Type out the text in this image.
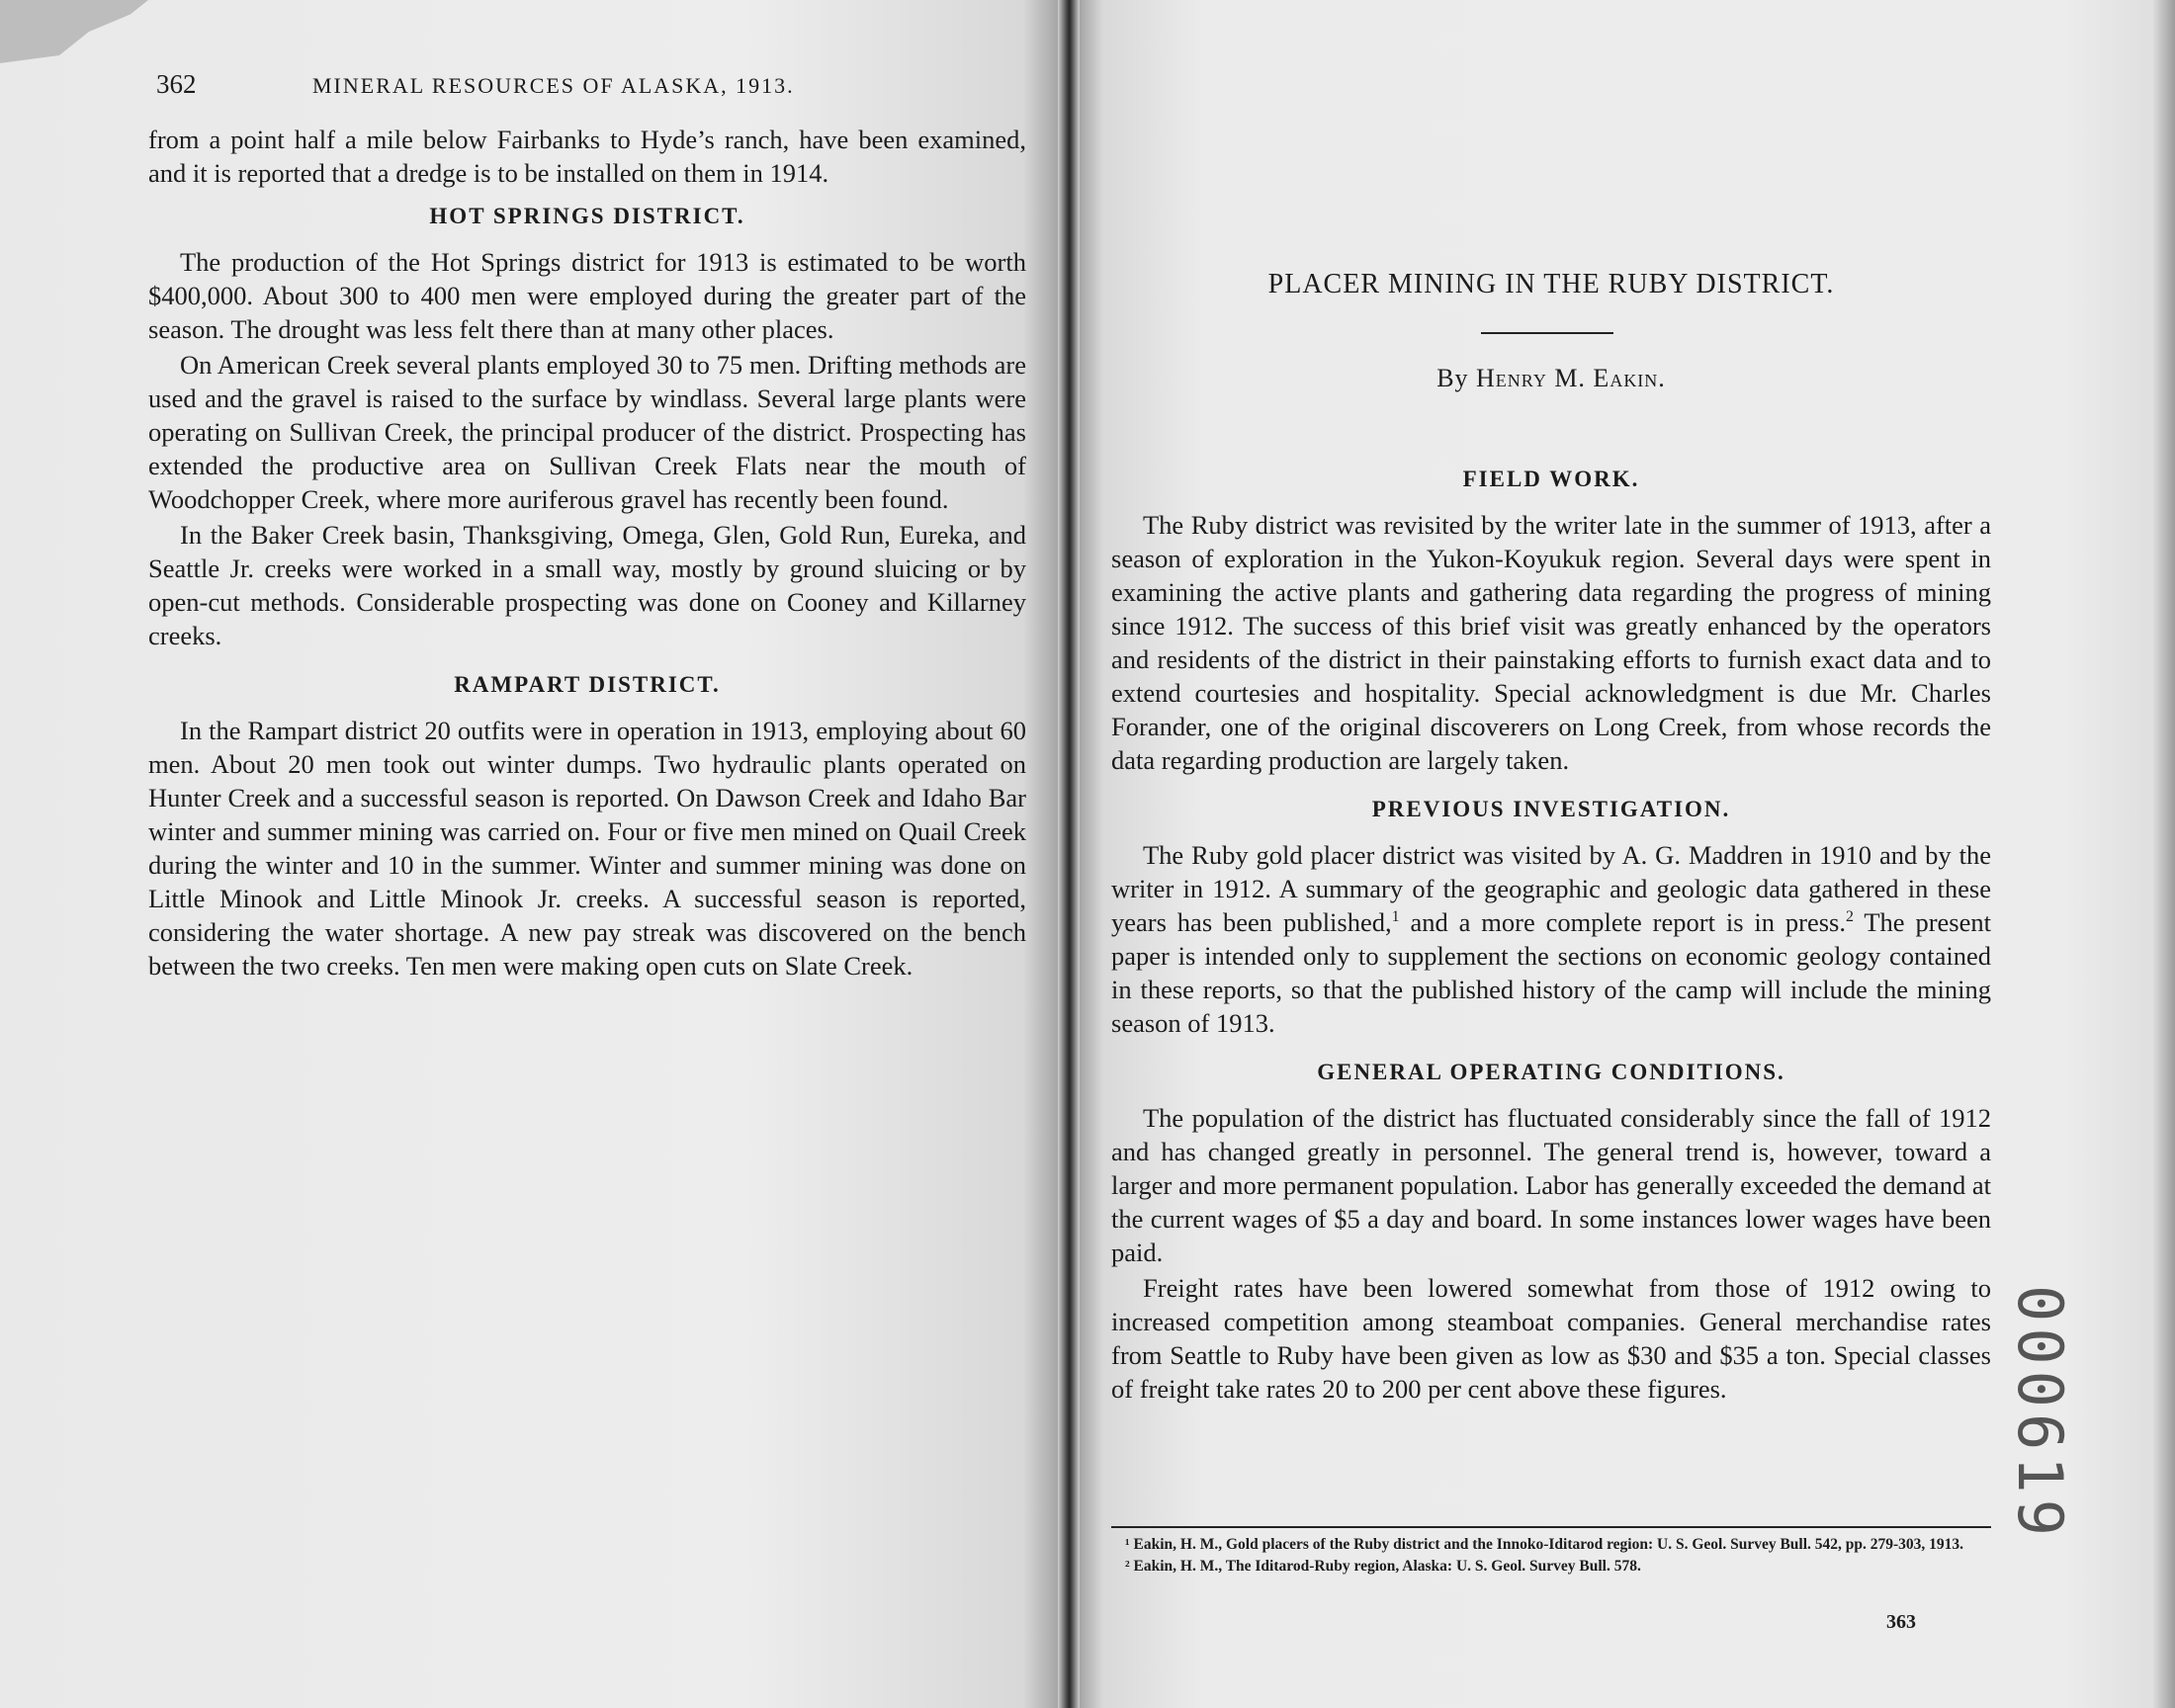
362	MINERAL RESOURCES OF ALASKA, 1913.

from a point half a mile below Fairbanks to Hyde’s ranch, have been examined, and it is reported that a dredge is to be installed on them in 1914.

HOT SPRINGS DISTRICT.

The production of the Hot Springs district for 1913 is estimated to be worth $400,000. About 300 to 400 men were employed during the greater part of the season. The drought was less felt there than at many other places.

On American Creek several plants employed 30 to 75 men. Drifting methods are used and the gravel is raised to the surface by windlass. Several large plants were operating on Sullivan Creek, the principal producer of the district. Prospecting has extended the productive area on Sullivan Creek Flats near the mouth of Woodchopper Creek, where more auriferous gravel has recently been found.

In the Baker Creek basin, Thanksgiving, Omega, Glen, Gold Run, Eureka, and Seattle Jr. creeks were worked in a small way, mostly by ground sluicing or by open-cut methods. Considerable prospecting was done on Cooney and Killarney creeks.

RAMPART DISTRICT.

In the Rampart district 20 outfits were in operation in 1913, employing about 60 men. About 20 men took out winter dumps. Two hydraulic plants operated on Hunter Creek and a successful season is reported. On Dawson Creek and Idaho Bar winter and summer mining was carried on. Four or five men mined on Quail Creek during the winter and 10 in the summer. Winter and summer mining was done on Little Minook and Little Minook Jr. creeks. A successful season is reported, considering the water shortage. A new pay streak was discovered on the bench between the two creeks. Ten men were making open cuts on Slate Creek.

PLACER MINING IN THE RUBY DISTRICT.
By Henry M. Eakin.
FIELD WORK.

The Ruby district was revisited by the writer late in the summer of 1913, after a season of exploration in the Yukon-Koyukuk region. Several days were spent in examining the active plants and gathering data regarding the progress of mining since 1912. The success of this brief visit was greatly enhanced by the operators and residents of the district in their painstaking efforts to furnish exact data and to extend courtesies and hospitality. Special acknowledgment is due Mr. Charles Forander, one of the original discoverers on Long Creek, from whose records the data regarding production are largely taken.

PREVIOUS INVESTIGATION.

The Ruby gold placer district was visited by A. G. Maddren in 1910 and by the writer in 1912. A summary of the geographic and geologic data gathered in these years has been published,$^1$ and a more complete report is in press.$^2$ The present paper is intended only to supplement the sections on economic geology contained in these reports, so that the published history of the camp will include the mining season of 1913.

GENERAL OPERATING CONDITIONS.

The population of the district has fluctuated considerably since the fall of 1912 and has changed greatly in personnel. The general trend is, however, toward a larger and more permanent population. Labor has generally exceeded the demand at the current wages of $5 a day and board. In some instances lower wages have been paid.

Freight rates have been lowered somewhat from those of 1912 owing to increased competition among steamboat companies. General merchandise rates from Seattle to Ruby have been given as low as $30 and $35 a ton. Special classes of freight take rates 20 to 200 per cent above these figures.

¹ Eakin, H. M., Gold placers of the Ruby district and the Innoko-Iditarod region: U. S. Geol. Survey Bull. 542, pp. 279-303, 1913.

² Eakin, H. M., The Iditarod-Ruby region, Alaska: U. S. Geol. Survey Bull. 578.

363
000619
